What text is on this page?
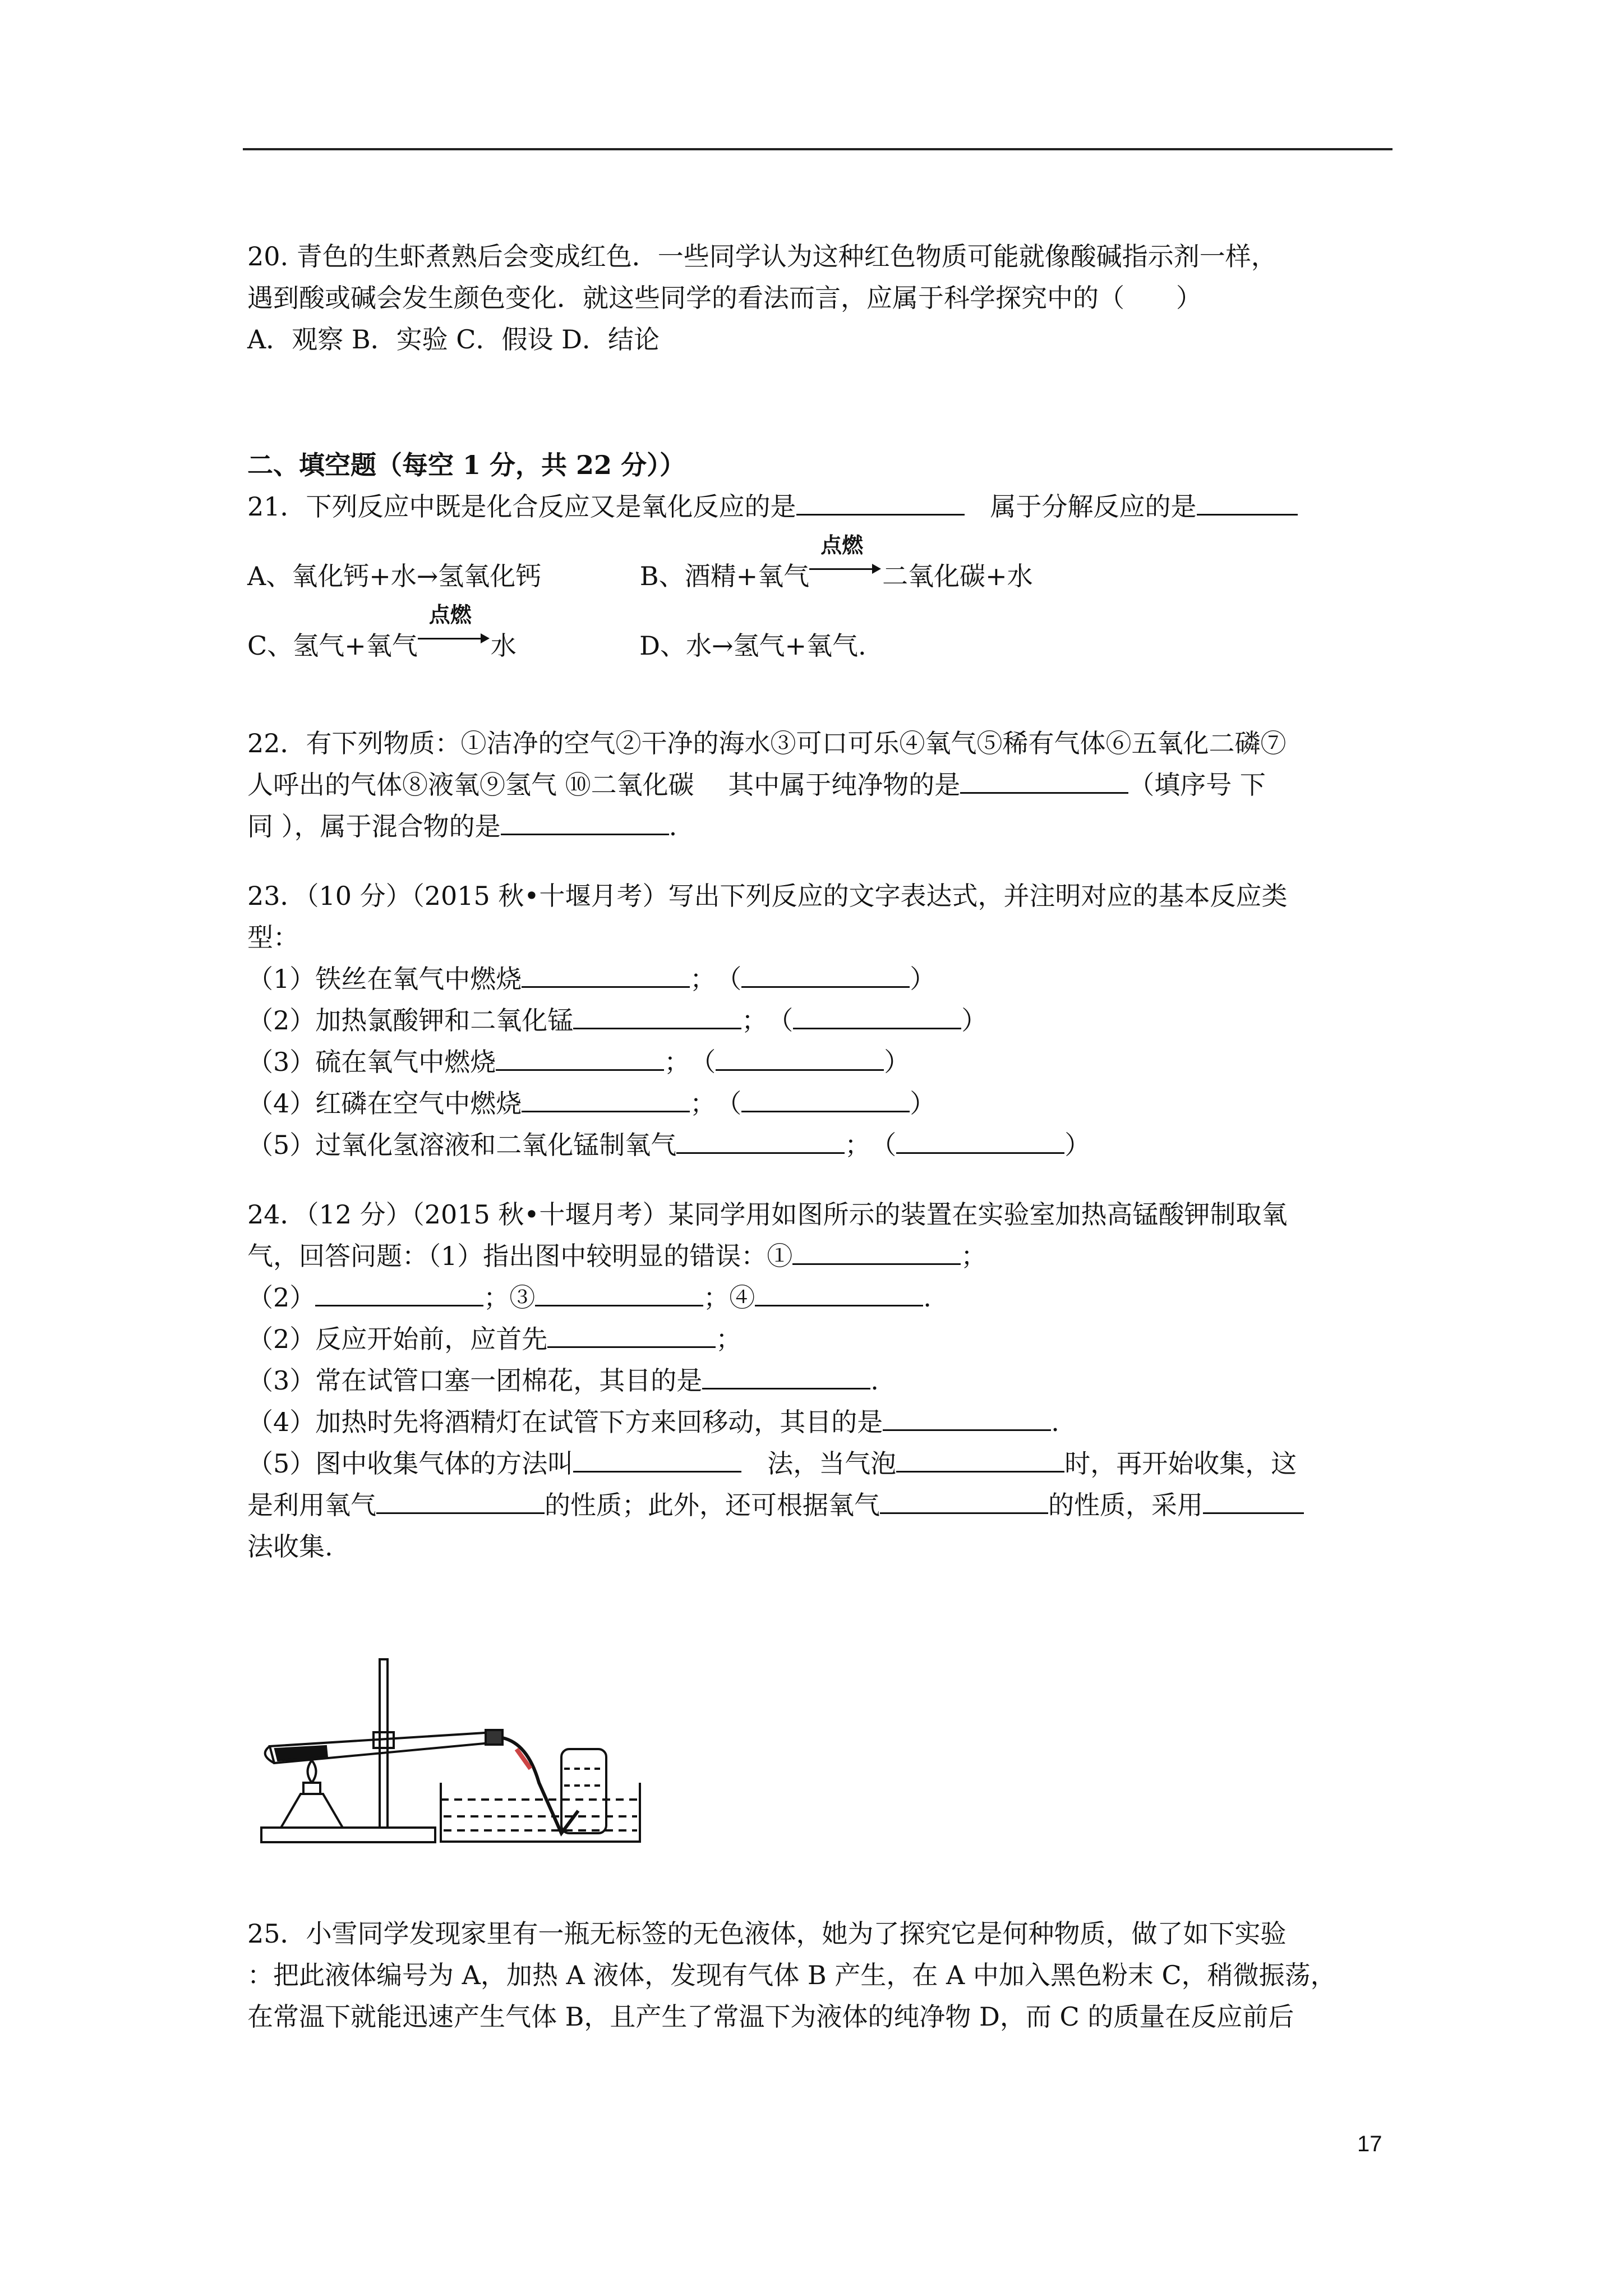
20. 青色的生虾煮熟后会变成红色．一些同学认为这种红色物质可能就像酸碱指示剂一样，
遇到酸或碱会发生颜色变化．就这些同学的看法而言，应属于科学探究中的（　　）
A．观察 B．实验 C．假设 D．结论
二、填空题（每空 1 分，共 22 分））
21．下列反应中既是化合反应又是氧化反应的是	　属于分解反应的是
A、氧化钙+水→氢氧化钙	B、酒精+氧气
点燃
二氧化碳+水
C、氢气+氧气
点燃
水	D、水→氢气+氧气.
22．有下列物质：①洁净的空气②干净的海水③可口可乐④氧气⑤稀有气体⑥五氧化二磷⑦
人呼出的气体⑧液氧⑨氢气 ⑩二氧化碳　 其中属于纯净物的是	（填序号 下
同 ），属于混合物的是	.
23．（10 分）（2015 秋•十堰月考）写出下列反应的文字表达式，并注明对应的基本反应类
型：
（1）铁丝在氧气中燃烧	；　（	）
（2）加热氯酸钾和二氧化锰	；　（	）
（3）硫在氧气中燃烧	；　（	）
（4）红磷在空气中燃烧	；　（	）
（5）过氧化氢溶液和二氧化锰制氧气	；　（	）
24．（12 分）（2015 秋•十堰月考）某同学用如图所示的装置在实验室加热高锰酸钾制取氧
气，回答问题：（1）指出图中较明显的错误：①	；
（2）	；③	；④	.
（2）反应开始前，应首先	；
（3）常在试管口塞一团棉花，其目的是	.
（4）加热时先将酒精灯在试管下方来回移动，其目的是	.
（5）图中收集气体的方法叫	　法，当气泡	时，再开始收集，这
是利用氧气	的性质；此外，还可根据氧气	的性质，采用
法收集.
25．小雪同学发现家里有一瓶无标签的无色液体，她为了探究它是何种物质，做了如下实验
：把此液体编号为 A，加热 A 液体，发现有气体 B 产生，在 A 中加入黑色粉末 C，稍微振荡，
在常温下就能迅速产生气体 B，且产生了常温下为液体的纯净物 D，而 C 的质量在反应前后
17
